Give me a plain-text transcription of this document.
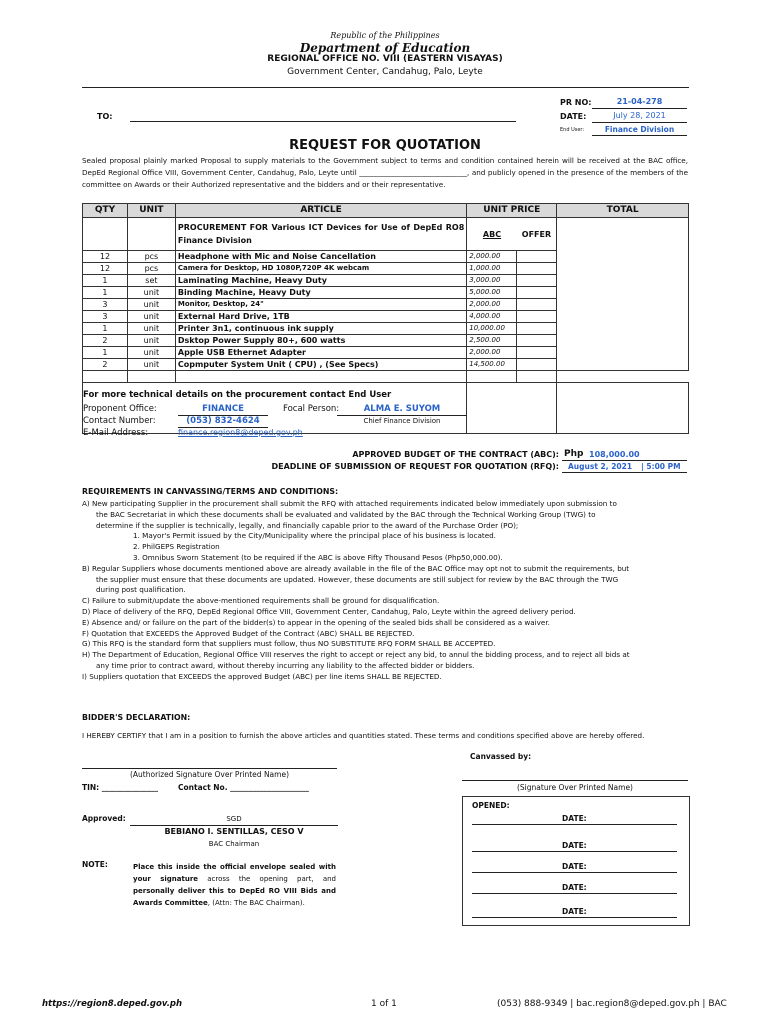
Republic of the Philippines
Department of Education
REGIONAL OFFICE NO. VIII (EASTERN VISAYAS)
Government Center, Candahug, Palo, Leyte
PR NO:	21-04-278
DATE:	July 28, 2021
End User:	Finance Division
TO:
REQUEST FOR QUOTATION
Sealed proposal plainly marked Proposal to supply materials to the Government subject to terms and condition contained herein will be received at the BAC office, DepEd Regional Office VIII, Government Center, Candahug, Palo, Leyte until ______________________________, and publicly opened in the presence of the members of the committee on Awards or their Authorized representative and the bidders and or their representative.
QTY	UNIT	ARTICLE	UNIT PRICE		TOTAL
		PROCUREMENT FOR Various ICT Devices for Use of DepEd RO8 Finance Division	ABC	OFFER	
12	pcs	Headphone with Mic and Noise Cancellation	2,000.00		
12	pcs	Camera for Desktop, HD 1080P,720P 4K webcam	1,000.00		
1	set	Laminating Machine, Heavy Duty	3,000.00		
1	unit	Binding Machine, Heavy Duty	5,000.00		
3	unit	Monitor, Desktop, 24"	2,000.00		
3	unit	External Hard Drive, 1TB	4,000.00		
1	unit	Printer 3n1, continuous ink supply	10,000.00		
2	unit	Dsktop Power Supply 80+, 600 watts	2,500.00		
1	unit	Apple USB Ethernet Adapter	2,000.00		
2	unit	Copmputer System Unit ( CPU) , (See Specs)	14,500.00		

For more technical details on the procurement contact End User
Proponent Office:	FINANCE	Focal Person:	ALMA E. SUYOM
Contact Number:	(053) 832-4624	Chief Finance Division
E-Mail Address:	finance.region8@deped.gov.ph
APPROVED BUDGET OF THE CONTRACT (ABC): Php 108,000.00
DEADLINE OF SUBMISSION OF REQUEST FOR QUOTATION (RFQ): August 2, 2021 | 5:00 PM
REQUIREMENTS IN CANVASSING/TERMS AND CONDITIONS:
A) New participating Supplier in the procurement shall submit the RFQ with attached requirements indicated below immediately upon submission to
the BAC Secretariat in which these documents shall be evaluated and validated by the BAC through the Technical Working Group (TWG) to
determine if the supplier is technically, legally, and financially capable prior to the award of the Purchase Order (PO);
1. Mayor's Permit issued by the City/Municipality where the principal place of his business is located.
2. PhilGEPS Registration
3. Omnibus Sworn Statement (to be required if the ABC is above Fifty Thousand Pesos (Php50,000.00).
B) Regular Suppliers whose documents mentioned above are already available in the file of the BAC Office may opt not to submit the requirements, but
the supplier must ensure that these documents are updated. However, these documents are still subject for review by the BAC through the TWG
during post qualification.
C) Failure to submit/update the above-mentioned requirements shall be ground for disqualification.
D) Place of delivery of the RFQ, DepEd Regional Office VIII, Government Center, Candahug, Palo, Leyte within the agreed delivery period.
E) Absence and/ or failure on the part of the bidder(s) to appear in the opening of the sealed bids shall be considered as a waiver.
F) Quotation that EXCEEDS the Approved Budget of the Contract (ABC) SHALL BE REJECTED.
G) This RFQ is the standard form that suppliers must follow, thus NO SUBSTITUTE RFQ FORM SHALL BE ACCEPTED.
H) The Department of Education, Regional Office VIII reserves the right to accept or reject any bid, to annul the bidding process, and to reject all bids at
any time prior to contract award, without thereby incurring any liability to the affected bidder or bidders.
I) Suppliers quotation that EXCEEDS the approved Budget (ABC) per line items SHALL BE REJECTED.
BIDDER'S DECLARATION:
I HEREBY CERTIFY that I am in a position to furnish the above articles and quantities stated. These terms and conditions specified above are hereby offered.
Canvassed by:
(Authorized Signature Over Printed Name)
TIN: _______________	Contact No. _____________________	(Signature Over Printed Name)
OPENED:
DATE:
DATE:
DATE:
DATE:
DATE:
Approved:	SGD
BEBIANO I. SENTILLAS, CESO V
BAC Chairman
NOTE:	Place this inside the official envelope sealed with your signature across the opening part, and personally deliver this to DepEd RO VIII Bids and Awards Committee, (Attn: The BAC Chairman).
https://region8.deped.gov.ph	1 of 1	(053) 888-9349 | bac.region8@deped.gov.ph | BAC
